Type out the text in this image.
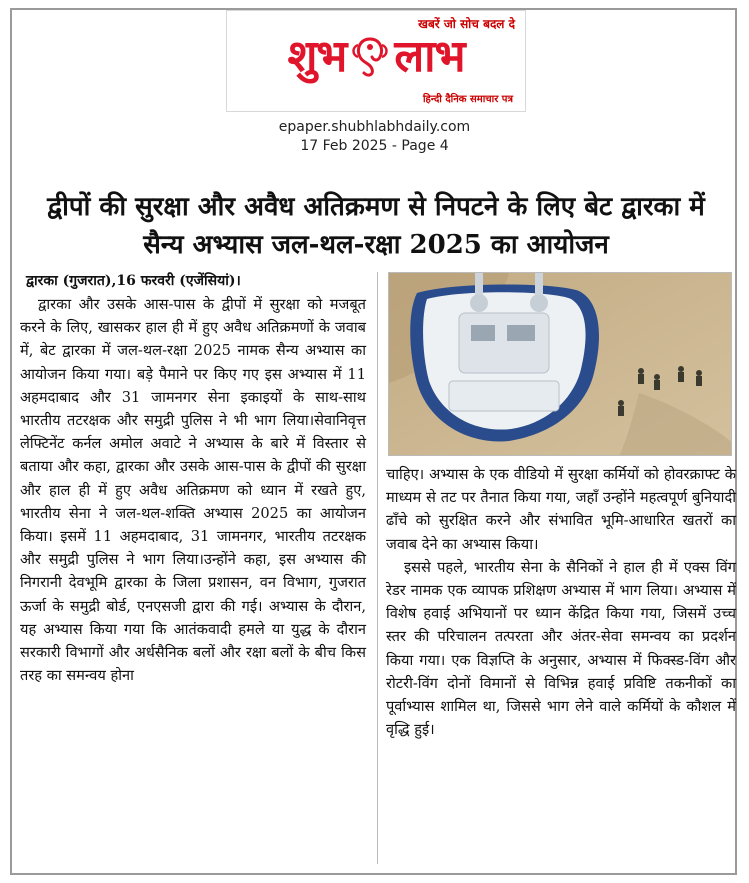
खबरें जो सोच बदल दे
शुभ लाभ
हिन्दी दैनिक समाचार पत्र
epaper.shubhlabhdaily.com
17 Feb 2025 - Page 4
द्वीपों की सुरक्षा और अवैध अतिक्रमण से निपटने के लिए बेट द्वारका में सैन्य अभ्यास जल-थल-रक्षा 2025 का आयोजन
द्वारका (गुजरात),16 फरवरी (एजेंसियां)।

द्वारका और उसके आस-पास के द्वीपों में सुरक्षा को मजबूत करने के लिए, खासकर हाल ही में हुए अवैध अतिक्रमणों के जवाब में, बेट द्वारका में जल-थल-रक्षा 2025 नामक सैन्य अभ्यास का आयोजन किया गया। बड़े पैमाने पर किए गए इस अभ्यास में 11 अहमदाबाद और 31 जामनगर सेना इकाइयों के साथ-साथ भारतीय तटरक्षक और समुद्री पुलिस ने भी भाग लिया।सेवानिवृत्त लेफ्टिनेंट कर्नल अमोल अवाटे ने अभ्यास के बारे में विस्तार से बताया और कहा, द्वारका और उसके आस-पास के द्वीपों की सुरक्षा और हाल ही में हुए अवैध अतिक्रमण को ध्यान में रखते हुए, भारतीय सेना ने जल-थल-शक्ति अभ्यास 2025 का आयोजन किया। इसमें 11 अहमदाबाद, 31 जामनगर, भारतीय तटरक्षक और समुद्री पुलिस ने भाग लिया।उन्होंने कहा, इस अभ्यास की निगरानी देवभूमि द्वारका के जिला प्रशासन, वन विभाग, गुजरात ऊर्जा के समुद्री बोर्ड, एनएसजी द्वारा की गई। अभ्यास के दौरान, यह अभ्यास किया गया कि आतंकवादी हमले या युद्ध के दौरान सरकारी विभागों और अर्धसैनिक बलों और रक्षा बलों के बीच किस तरह का समन्वय होना

चाहिए। अभ्यास के एक वीडियो में सुरक्षा कर्मियों को होवरक्राफ्ट के माध्यम से तट पर तैनात किया गया, जहाँ उन्होंने महत्वपूर्ण बुनियादी ढाँचे को सुरक्षित करने और संभावित भूमि-आधारित खतरों का जवाब देने का अभ्यास किया।

इससे पहले, भारतीय सेना के सैनिकों ने हाल ही में एक्स विंग रेडर नामक एक व्यापक प्रशिक्षण अभ्यास में भाग लिया। अभ्यास में विशेष हवाई अभियानों पर ध्यान केंद्रित किया गया, जिसमें उच्च स्तर की परिचालन तत्परता और अंतर-सेवा समन्वय का प्रदर्शन किया गया। एक विज्ञप्ति के अनुसार, अभ्यास में फिक्स्ड-विंग और रोटरी-विंग दोनों विमानों से विभिन्न हवाई प्रविष्टि तकनीकों का पूर्वाभ्यास शामिल था, जिससे भाग लेने वाले कर्मियों के कौशल में वृद्धि हुई।
